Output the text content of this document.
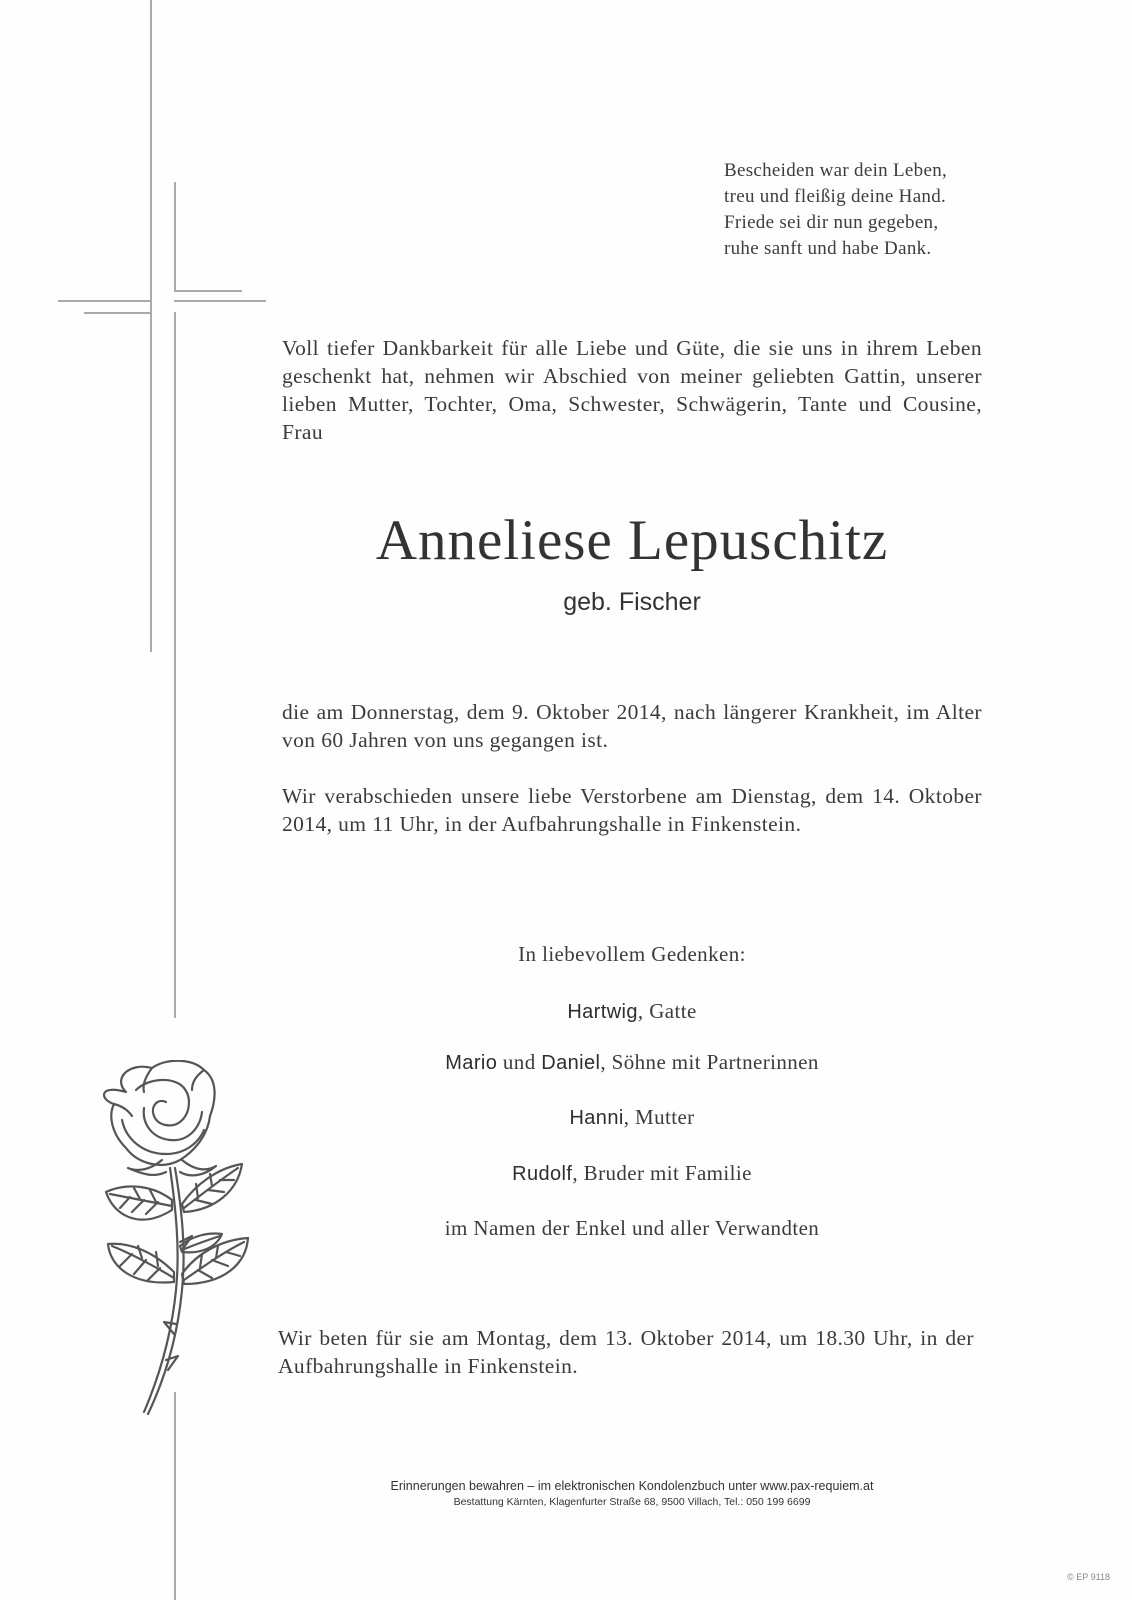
Bescheiden war dein Leben,
treu und fleißig deine Hand.
Friede sei dir nun gegeben,
ruhe sanft und habe Dank.
Voll tiefer Dankbarkeit für alle Liebe und Güte, die sie uns in ihrem Leben geschenkt hat, nehmen wir Abschied von meiner geliebten Gattin, unserer lieben Mutter, Tochter, Oma, Schwester, Schwägerin, Tante und Cousine, Frau
Anneliese Lepuschitz
geb. Fischer
die am Donnerstag, dem 9. Oktober 2014, nach längerer Krankheit, im Alter von 60 Jahren von uns gegangen ist.
Wir verabschieden unsere liebe Verstorbene am Dienstag, dem 14. Oktober 2014, um 11 Uhr, in der Aufbahrungshalle in Finkenstein.
In liebevollem Gedenken:
Hartwig, Gatte
Mario und Daniel, Söhne mit Partnerinnen
Hanni, Mutter
Rudolf, Bruder mit Familie
im Namen der Enkel und aller Verwandten
Wir beten für sie am Montag, dem 13. Oktober 2014, um 18.30 Uhr, in der Aufbahrungshalle in Finkenstein.
Erinnerungen bewahren – im elektronischen Kondolenzbuch unter www.pax-requiem.at
Bestattung Kärnten, Klagenfurter Straße 68, 9500 Villach, Tel.: 050 199 6699
© EP 9118
